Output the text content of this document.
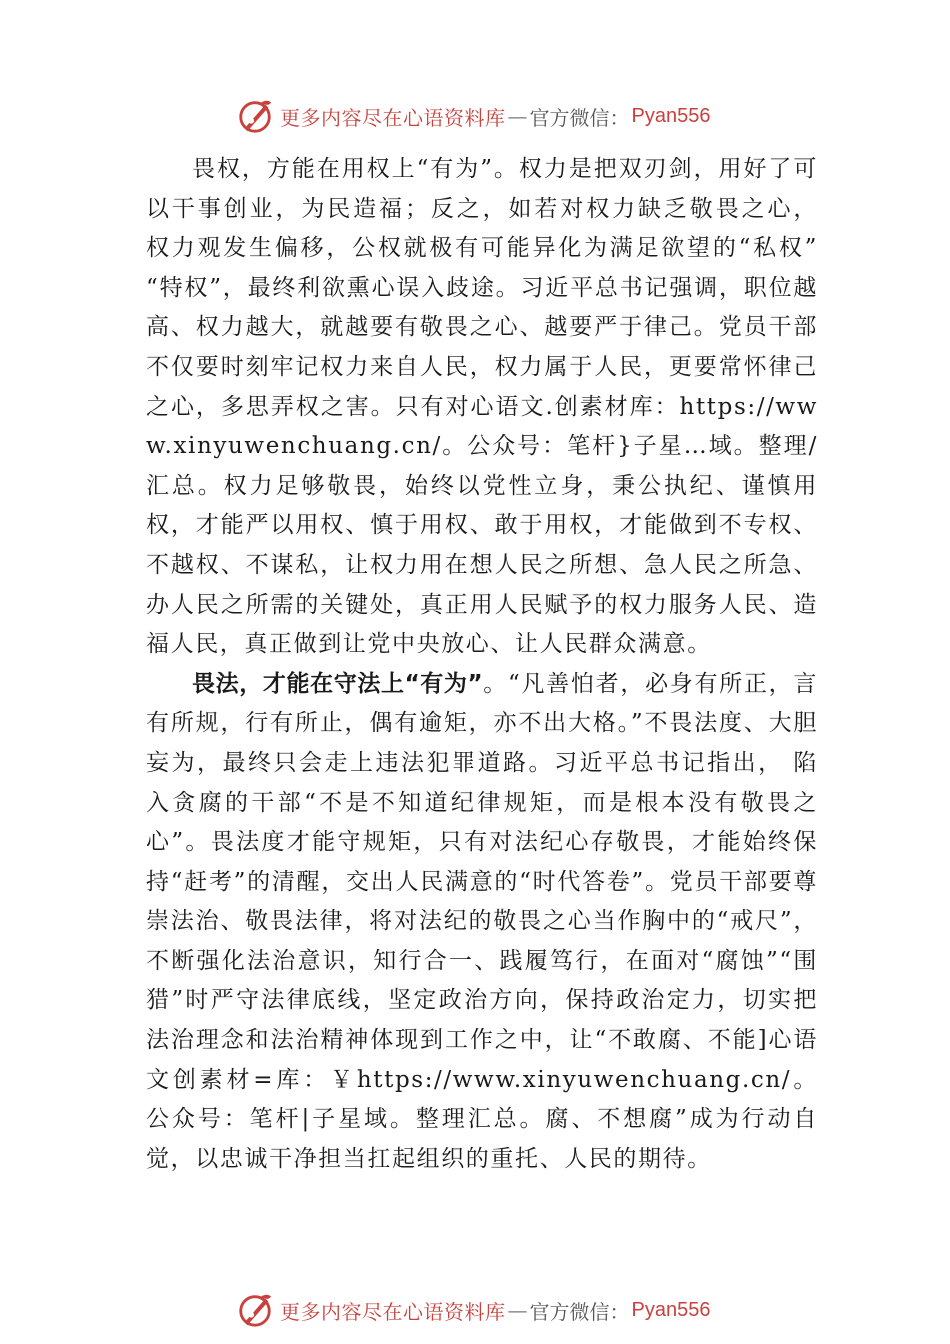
更多内容尽在心语资料库 — 官方微信： Pyan556

畏权，方能在用权上“有为”。权力是把双刃剑，用好了可以干事创业，为民造福；反之，如若对权力缺乏敬畏之心， 权力观发生偏移，公权就极有可能异化为满足欲望的“私权” “特权”，最终利欲熏心误入歧途。习近平总书记强调，职位越高、权力越大，就越要有敬畏之心、越要严于律己。党员干部不仅要时刻牢记权力来自人民，权力属于人民，更要常怀律己之心，多思弄权之害。只有对心语文.创素材库：https://www.xinyuwenchuang.cn/。公众号：笔杆}子星…域。整理/汇总。权力足够敬畏，始终以党性立身，秉公执纪、谨慎用权，才能严以用权、慎于用权、敢于用权，才能做到不专权、不越权、不谋私，让权力用在想人民之所想、急人民之所急、办人民之所需的关键处，真正用人民赋予的权力服务人民、造福人民，真正做到让党中央放心、让人民群众满意。

畏法，才能在守法上“有为”。“凡善怕者，必身有所正，言有所规，行有所止，偶有逾矩，亦不出大格。”不畏法度、大胆妄为，最终只会走上违法犯罪道路。习近平总书记指出， 陷入贪腐的干部“不是不知道纪律规矩，而是根本没有敬畏之心”。畏法度才能守规矩，只有对法纪心存敬畏，才能始终保持“赶考”的清醒，交出人民满意的“时代答卷”。党员干部要尊崇法治、敬畏法律，将对法纪的敬畏之心当作胸中的“戒尺”，不断强化法治意识，知行合一、践履笃行，在面对“腐蚀”“围猎”时严守法律底线，坚定政治方向，保持政治定力，切实把法治理念和法治精神体现到工作之中，让“不敢腐、不能]心语文创素材=库：￥https://www.xinyuwenchuang.cn/。公众号：笔杆|子星域。整理汇总。腐、不想腐”成为行动自觉，以忠诚干净担当扛起组织的重托、人民的期待。

更多内容尽在心语资料库 — 官方微信： Pyan556
